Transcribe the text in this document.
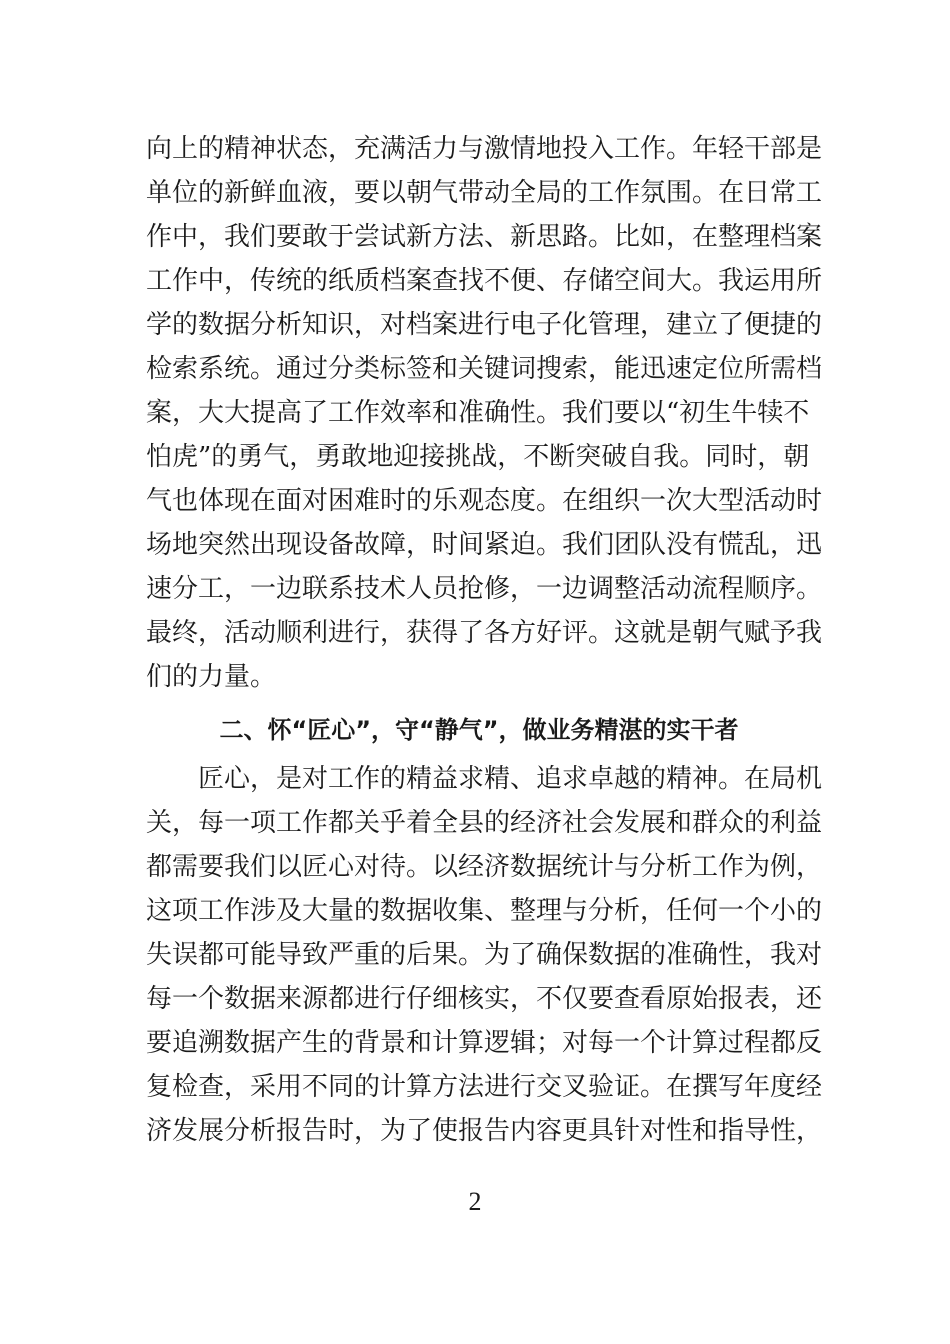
向上的精神状态，充满活力与激情地投入工作。年轻干部是
单位的新鲜血液，要以朝气带动全局的工作氛围。在日常工
作中，我们要敢于尝试新方法、新思路。比如，在整理档案
工作中，传统的纸质档案查找不便、存储空间大。我运用所
学的数据分析知识，对档案进行电子化管理，建立了便捷的
检索系统。通过分类标签和关键词搜索，能迅速定位所需档
案，大大提高了工作效率和准确性。我们要以“初生牛犊不
怕虎”的勇气，勇敢地迎接挑战，不断突破自我。同时，朝
气也体现在面对困难时的乐观态度。在组织一次大型活动时
场地突然出现设备故障，时间紧迫。我们团队没有慌乱，迅
速分工，一边联系技术人员抢修，一边调整活动流程顺序。
最终，活动顺利进行，获得了各方好评。这就是朝气赋予我
们的力量。
二、怀“匠心”，守“静气”，做业务精湛的实干者
　　匠心，是对工作的精益求精、追求卓越的精神。在局机
关，每一项工作都关乎着全县的经济社会发展和群众的利益
都需要我们以匠心对待。以经济数据统计与分析工作为例，
这项工作涉及大量的数据收集、整理与分析，任何一个小的
失误都可能导致严重的后果。为了确保数据的准确性，我对
每一个数据来源都进行仔细核实，不仅要查看原始报表，还
要追溯数据产生的背景和计算逻辑；对每一个计算过程都反
复检查，采用不同的计算方法进行交叉验证。在撰写年度经
济发展分析报告时，为了使报告内容更具针对性和指导性，
2
